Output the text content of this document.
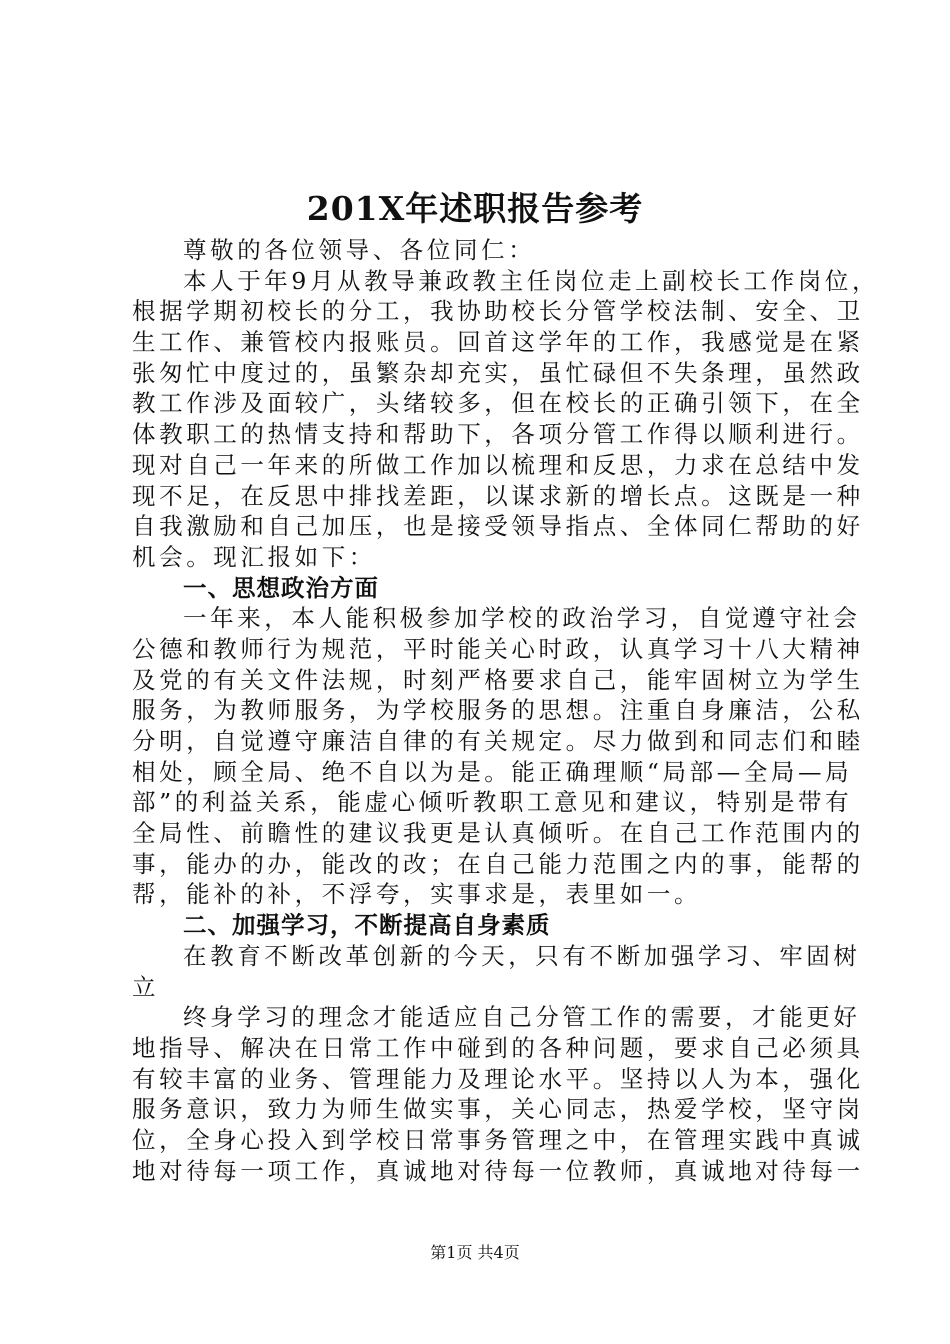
201X年述职报告参考
尊敬的各位领导、各位同仁：
本人于年9月从教导兼政教主任岗位走上副校长工作岗位，
根据学期初校长的分工，我协助校长分管学校法制、安全、卫
生工作、兼管校内报账员。回首这学年的工作，我感觉是在紧
张匆忙中度过的，虽繁杂却充实，虽忙碌但不失条理，虽然政
教工作涉及面较广，头绪较多，但在校长的正确引领下，在全
体教职工的热情支持和帮助下，各项分管工作得以顺利进行。
现对自己一年来的所做工作加以梳理和反思，力求在总结中发
现不足，在反思中排找差距，以谋求新的增长点。这既是一种
自我激励和自己加压，也是接受领导指点、全体同仁帮助的好
机会。现汇报如下：
一、思想政治方面
一年来，本人能积极参加学校的政治学习，自觉遵守社会
公德和教师行为规范，平时能关心时政，认真学习十八大精神
及党的有关文件法规，时刻严格要求自己，能牢固树立为学生
服务，为教师服务，为学校服务的思想。注重自身廉洁，公私
分明，自觉遵守廉洁自律的有关规定。尽力做到和同志们和睦
相处，顾全局、绝不自以为是。能正确理顺“局部—全局—局
部”的利益关系，能虚心倾听教职工意见和建议，特别是带有
全局性、前瞻性的建议我更是认真倾听。在自己工作范围内的
事，能办的办，能改的改；在自己能力范围之内的事，能帮的
帮，能补的补，不浮夸，实事求是，表里如一。
二、加强学习，不断提高自身素质
在教育不断改革创新的今天，只有不断加强学习、牢固树
立
终身学习的理念才能适应自己分管工作的需要，才能更好
地指导、解决在日常工作中碰到的各种问题，要求自己必须具
有较丰富的业务、管理能力及理论水平。坚持以人为本，强化
服务意识，致力为师生做实事，关心同志，热爱学校，坚守岗
位，全身心投入到学校日常事务管理之中，在管理实践中真诚
地对待每一项工作，真诚地对待每一位教师，真诚地对待每一
第1页 共4页
